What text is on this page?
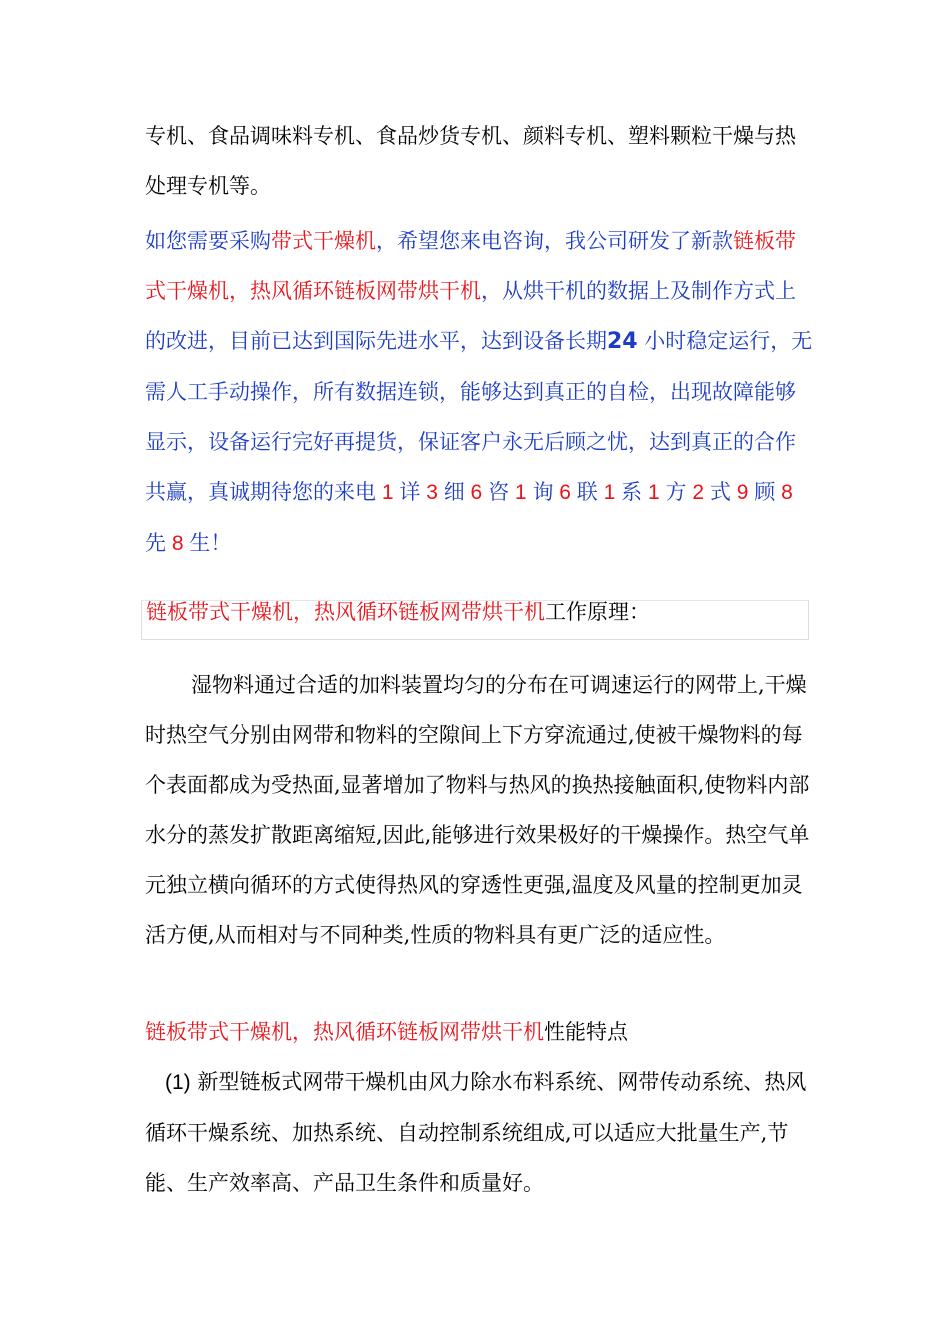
专机、食品调味料专机、食品炒货专机、颜料专机、塑料颗粒干燥与热处理专机等。

如您需要采购带式干燥机，希望您来电咨询，我公司研发了新款链板带式干燥机，热风循环链板网带烘干机，从烘干机的数据上及制作方式上的改进，目前已达到国际先进水平，达到设备长期24 小时稳定运行，无需人工手动操作，所有数据连锁，能够达到真正的自检，出现故障能够显示，设备运行完好再提货，保证客户永无后顾之忧，达到真正的合作共赢，真诚期待您的来电 1 详 3 细 6 咨 1 询 6 联 1 系 1 方 2 式 9 顾 8 先 8 生！

链板带式干燥机，热风循环链板网带烘干机工作原理：

湿物料通过合适的加料装置均匀的分布在可调速运行的网带上,干燥时热空气分别由网带和物料的空隙间上下方穿流通过,使被干燥物料的每个表面都成为受热面,显著增加了物料与热风的换热接触面积,使物料内部水分的蒸发扩散距离缩短,因此,能够进行效果极好的干燥操作。热空气单元独立横向循环的方式使得热风的穿透性更强,温度及风量的控制更加灵活方便,从而相对与不同种类,性质的物料具有更广泛的适应性。

链板带式干燥机，热风循环链板网带烘干机性能特点

(1) 新型链板式网带干燥机由风力除水布料系统、网带传动系统、热风循环干燥系统、加热系统、自动控制系统组成,可以适应大批量生产,节能、生产效率高、产品卫生条件和质量好。
